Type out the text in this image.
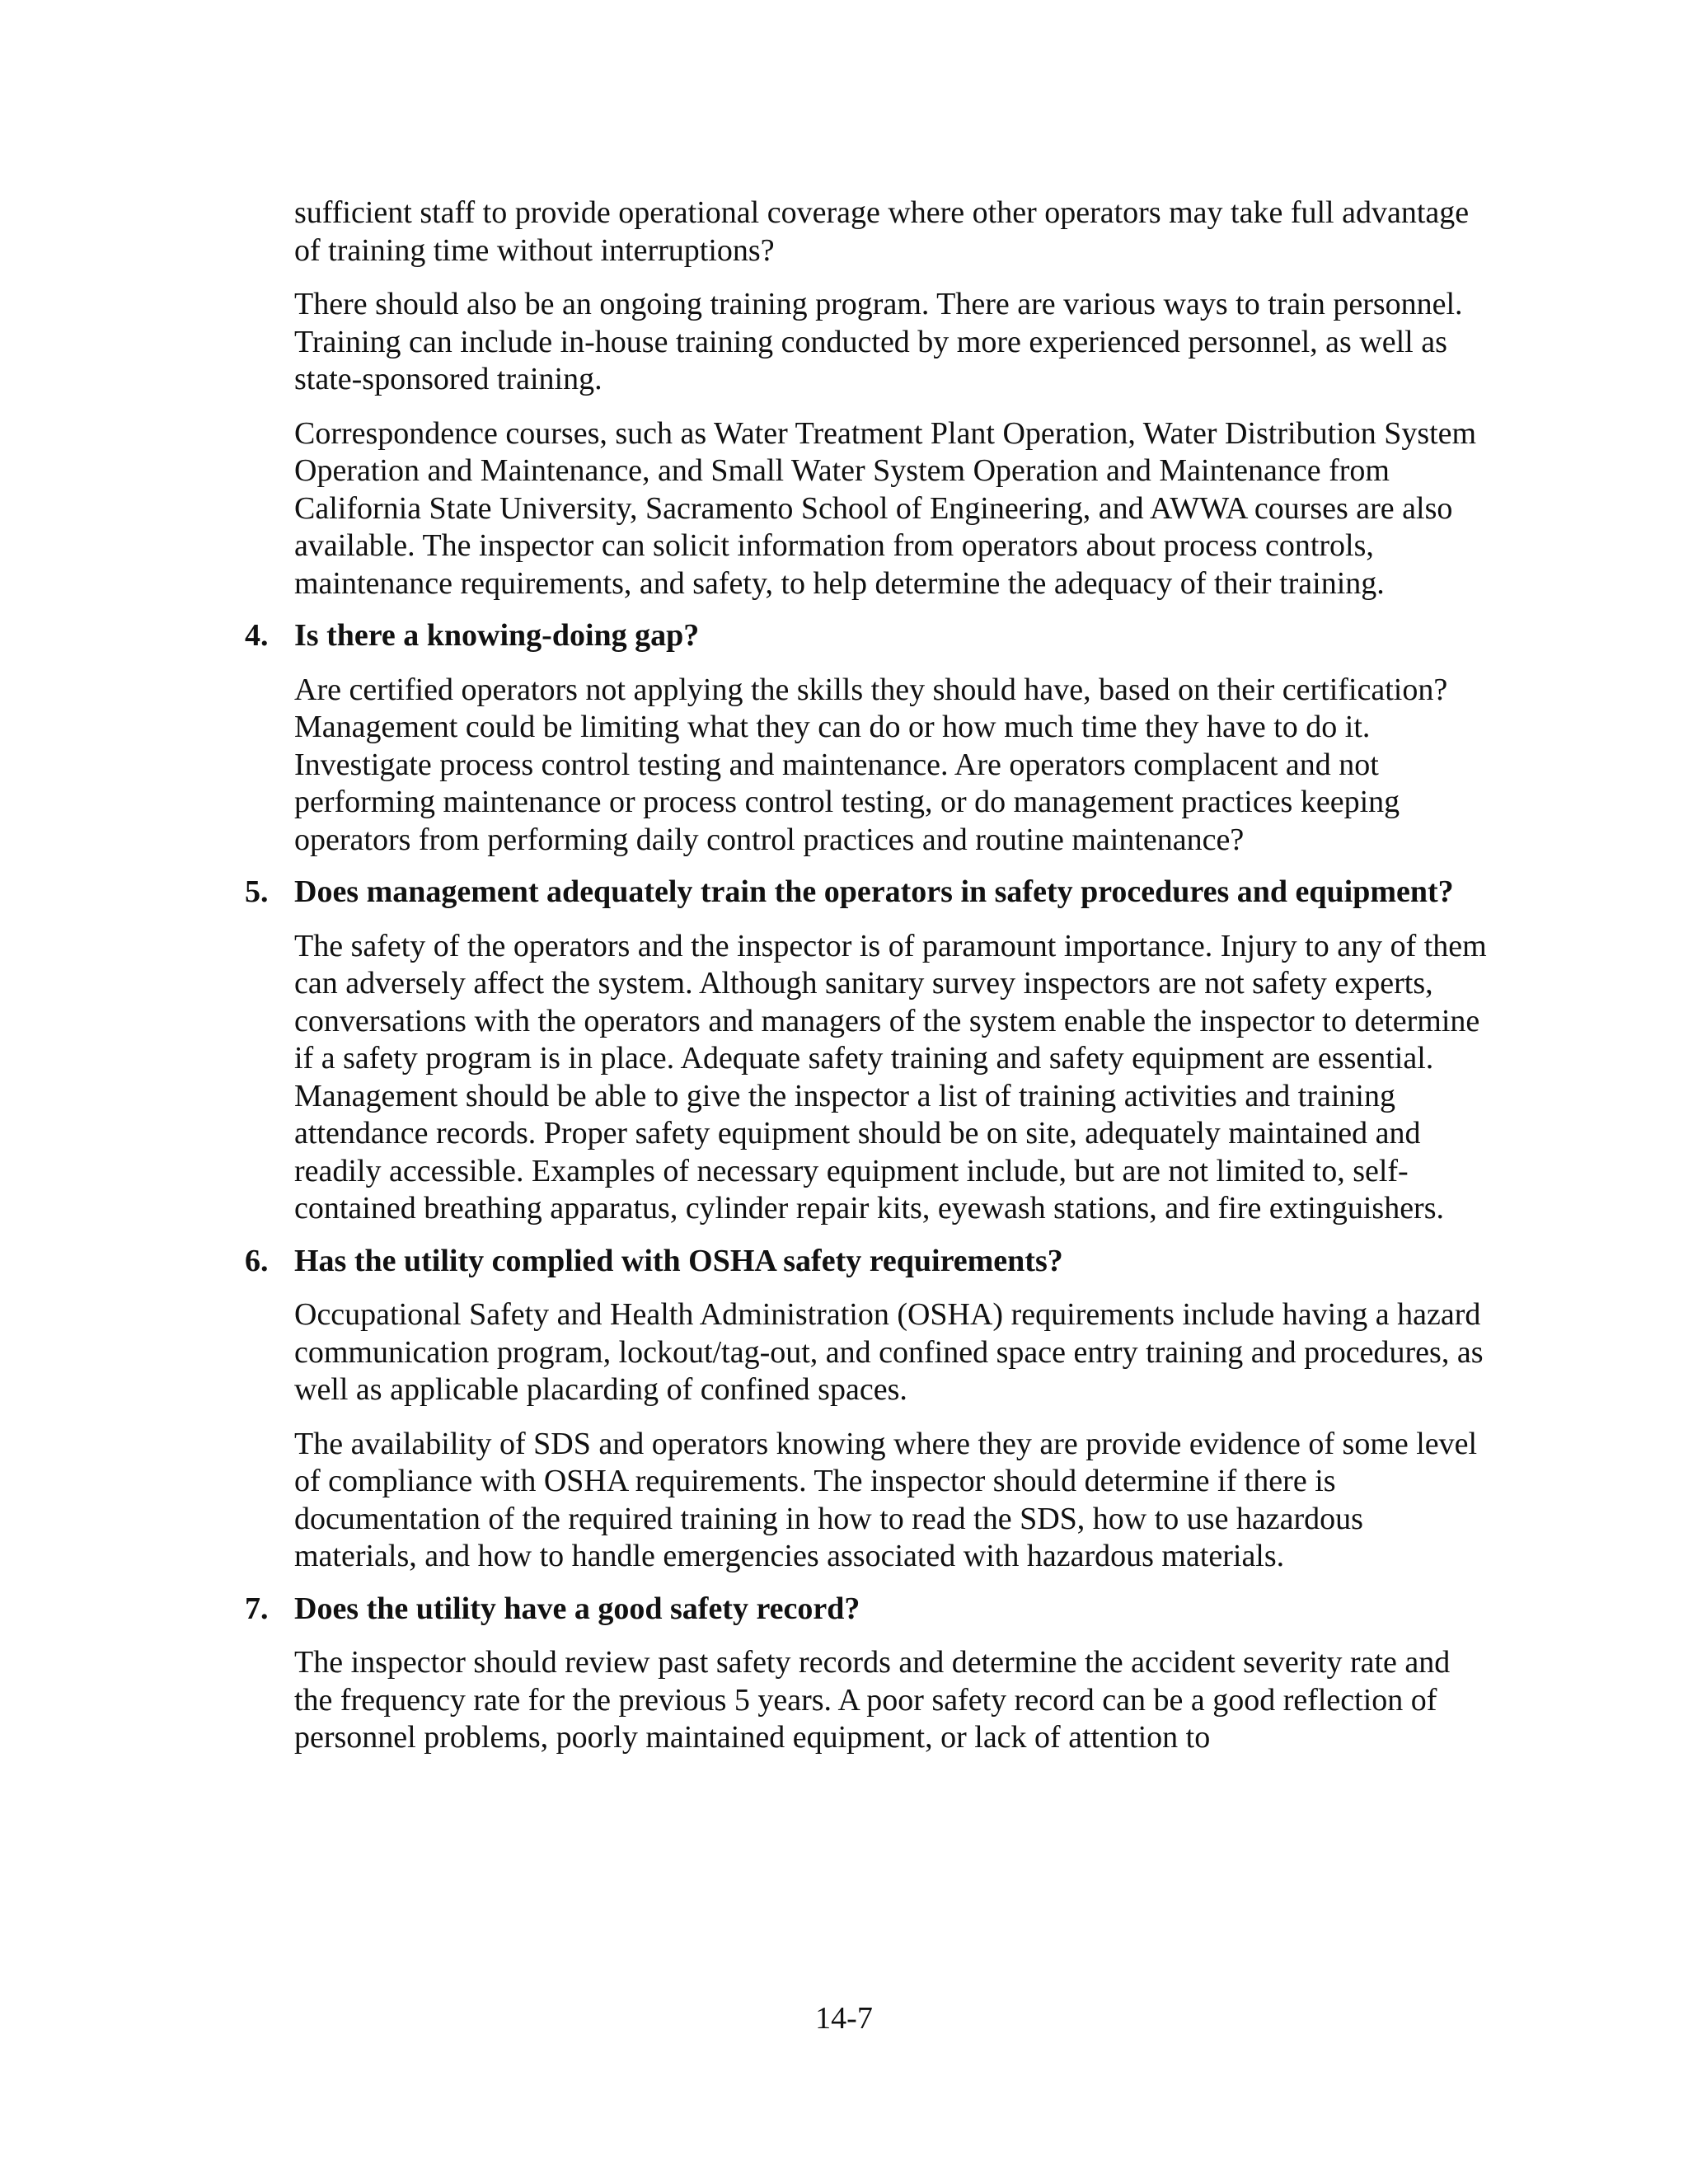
sufficient staff to provide operational coverage where other operators may take full advantage of training time without interruptions?

There should also be an ongoing training program. There are various ways to train personnel. Training can include in-house training conducted by more experienced personnel, as well as state-sponsored training.

Correspondence courses, such as Water Treatment Plant Operation, Water Distribution System Operation and Maintenance, and Small Water System Operation and Maintenance from California State University, Sacramento School of Engineering, and AWWA courses are also available. The inspector can solicit information from operators about process controls, maintenance requirements, and safety, to help determine the adequacy of their training.

4. Is there a knowing-doing gap?

Are certified operators not applying the skills they should have, based on their certification? Management could be limiting what they can do or how much time they have to do it. Investigate process control testing and maintenance. Are operators complacent and not performing maintenance or process control testing, or do management practices keeping operators from performing daily control practices and routine maintenance?

5. Does management adequately train the operators in safety procedures and equipment?

The safety of the operators and the inspector is of paramount importance. Injury to any of them can adversely affect the system. Although sanitary survey inspectors are not safety experts, conversations with the operators and managers of the system enable the inspector to determine if a safety program is in place. Adequate safety training and safety equipment are essential. Management should be able to give the inspector a list of training activities and training attendance records. Proper safety equipment should be on site, adequately maintained and readily accessible. Examples of necessary equipment include, but are not limited to, self-contained breathing apparatus, cylinder repair kits, eyewash stations, and fire extinguishers.

6. Has the utility complied with OSHA safety requirements?

Occupational Safety and Health Administration (OSHA) requirements include having a hazard communication program, lockout/tag-out, and confined space entry training and procedures, as well as applicable placarding of confined spaces.

The availability of SDS and operators knowing where they are provide evidence of some level of compliance with OSHA requirements. The inspector should determine if there is documentation of the required training in how to read the SDS, how to use hazardous materials, and how to handle emergencies associated with hazardous materials.

7. Does the utility have a good safety record?

The inspector should review past safety records and determine the accident severity rate and the frequency rate for the previous 5 years. A poor safety record can be a good reflection of personnel problems, poorly maintained equipment, or lack of attention to

14-7
